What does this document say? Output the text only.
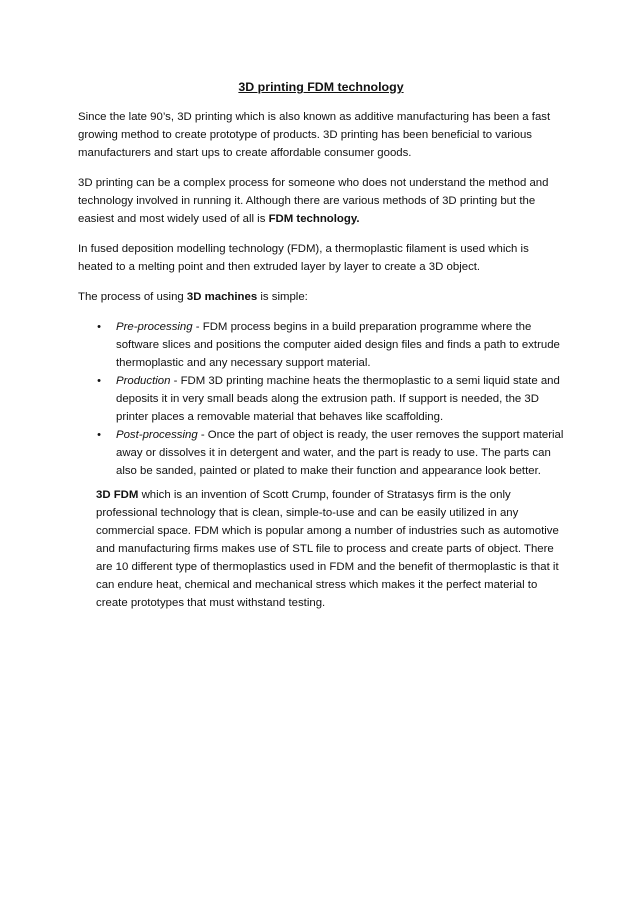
3D printing FDM technology

Since the late 90’s, 3D printing which is also known as additive manufacturing has been a fast growing method to create prototype of products. 3D printing has been beneficial to various manufacturers and start ups to create affordable consumer goods.

3D printing can be a complex process for someone who does not understand the method and technology involved in running it. Although there are various methods of 3D printing but the easiest and most widely used of all is FDM technology.

In fused deposition modelling technology (FDM), a thermoplastic filament is used which is heated to a melting point and then extruded layer by layer to create a 3D object.

The process of using 3D machines is simple:

• Pre-processing - FDM process begins in a build preparation programme where the software slices and positions the computer aided design files and finds a path to extrude thermoplastic and any necessary support material.
• Production - FDM 3D printing machine heats the thermoplastic to a semi liquid state and deposits it in very small beads along the extrusion path. If support is needed, the 3D printer places a removable material that behaves like scaffolding.
• Post-processing - Once the part of object is ready, the user removes the support material away or dissolves it in detergent and water, and the part is ready to use. The parts can also be sanded, painted or plated to make their function and appearance look better.

3D FDM which is an invention of Scott Crump, founder of Stratasys firm is the only professional technology that is clean, simple-to-use and can be easily utilized in any commercial space. FDM which is popular among a number of industries such as automotive and manufacturing firms makes use of STL file to process and create parts of object. There are 10 different type of thermoplastics used in FDM and the benefit of thermoplastic is that it can endure heat, chemical and mechanical stress which makes it the perfect material to create prototypes that must withstand testing.
